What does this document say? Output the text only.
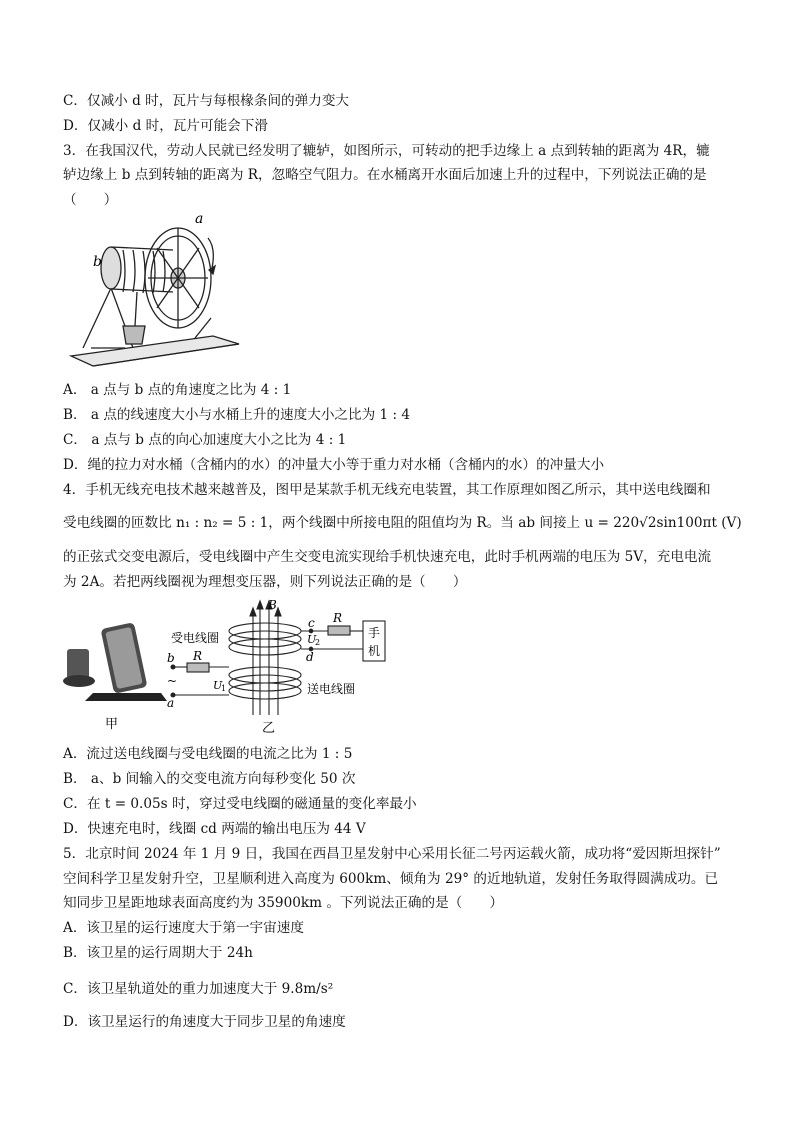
C．仅减小 d 时，瓦片与每根椽条间的弹力变大
D．仅减小 d 时，瓦片可能会下滑
3．在我国汉代，劳动人民就已经发明了辘轳，如图所示，可转动的把手边缘上 a 点到转轴的距离为 4R，辘
轳边缘上 b 点到转轴的距离为 R，忽略空气阻力。在水桶离开水面后加速上升的过程中，下列说法正确的是
（　　）
a
b
A． a 点与 b 点的角速度之比为 4 : 1
B． a 点的线速度大小与水桶上升的速度大小之比为 1 : 4
C． a 点与 b 点的向心加速度大小之比为 4 : 1
D．绳的拉力对水桶（含桶内的水）的冲量大小等于重力对水桶（含桶内的水）的冲量大小
4．手机无线充电技术越来越普及，图甲是某款手机无线充电装置，其工作原理如图乙所示，其中送电线圈和
受电线圈的匝数比 n₁ : n₂ = 5 : 1，两个线圈中所接电阻的阻值均为 R。当 ab 间接上 u = 220√2sin100πt (V)
的正弦式交变电源后，受电线圈中产生交变电流实现给手机快速充电，此时手机两端的电压为 5V，充电电流
为 2A。若把两线圈视为理想变压器，则下列说法正确的是（　　）
甲
受电线圈
送电线圈
B
c
d
R
U
2
手
机
b R
U
1
~
a
乙
A．流过送电线圈与受电线圈的电流之比为 1 : 5
B． a、b 间输入的交变电流方向每秒变化 50 次
C．在 t = 0.05s 时，穿过受电线圈的磁通量的变化率最小
D．快速充电时，线圈 cd 两端的输出电压为 44 V
5．北京时间 2024 年 1 月 9 日，我国在西昌卫星发射中心采用长征二号丙运载火箭，成功将“爱因斯坦探针”
空间科学卫星发射升空，卫星顺利进入高度为 600km、倾角为 29° 的近地轨道，发射任务取得圆满成功。已
知同步卫星距地球表面高度约为 35900km 。下列说法正确的是（　　）
A．该卫星的运行速度大于第一宇宙速度
B．该卫星的运行周期大于 24h
C．该卫星轨道处的重力加速度大于 9.8m/s²
D．该卫星运行的角速度大于同步卫星的角速度
